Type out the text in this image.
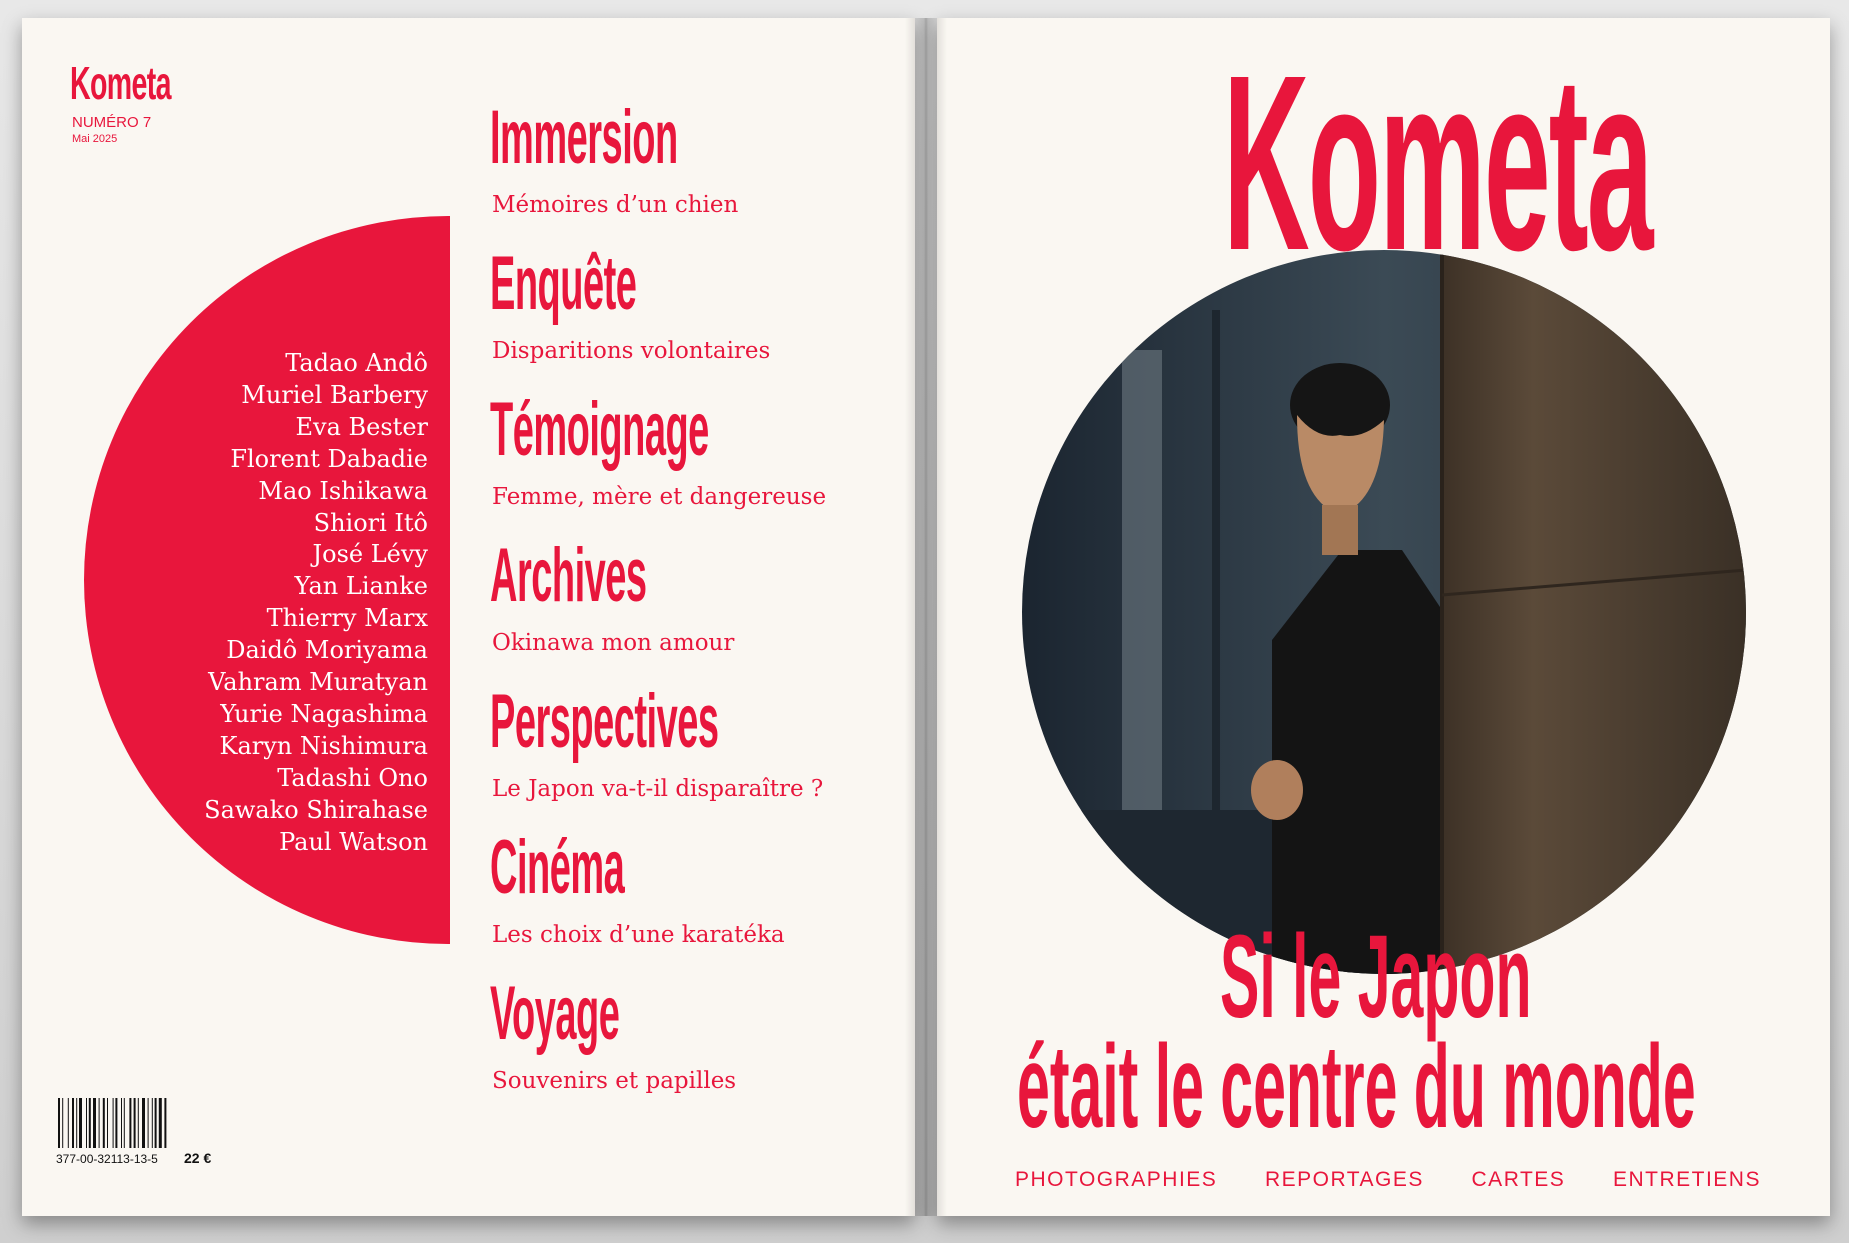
Kometa
NUMÉRO 7
Mai 2025
Tadao Andô
Muriel Barbery
Eva Bester
Florent Dabadie
Mao Ishikawa
Shiori Itô
José Lévy
Yan Lianke
Thierry Marx
Daidô Moriyama
Vahram Muratyan
Yurie Nagashima
Karyn Nishimura
Tadashi Ono
Sawako Shirahase
Paul Watson
Immersion
Mémoires d’un chien
Enquête
Disparitions volontaires
Témoignage
Femme, mère et dangereuse
Archives
Okinawa mon amour
Perspectives
Le Japon va-t-il disparaître ?
Cinéma
Les choix d’une karatéka
Voyage
Souvenirs et papilles
377-00-32113-13-5 22 €
Kometa
Si le Japon
était le centre du monde
PHOTOGRAPHIES REPORTAGES CARTES ENTRETIENS
